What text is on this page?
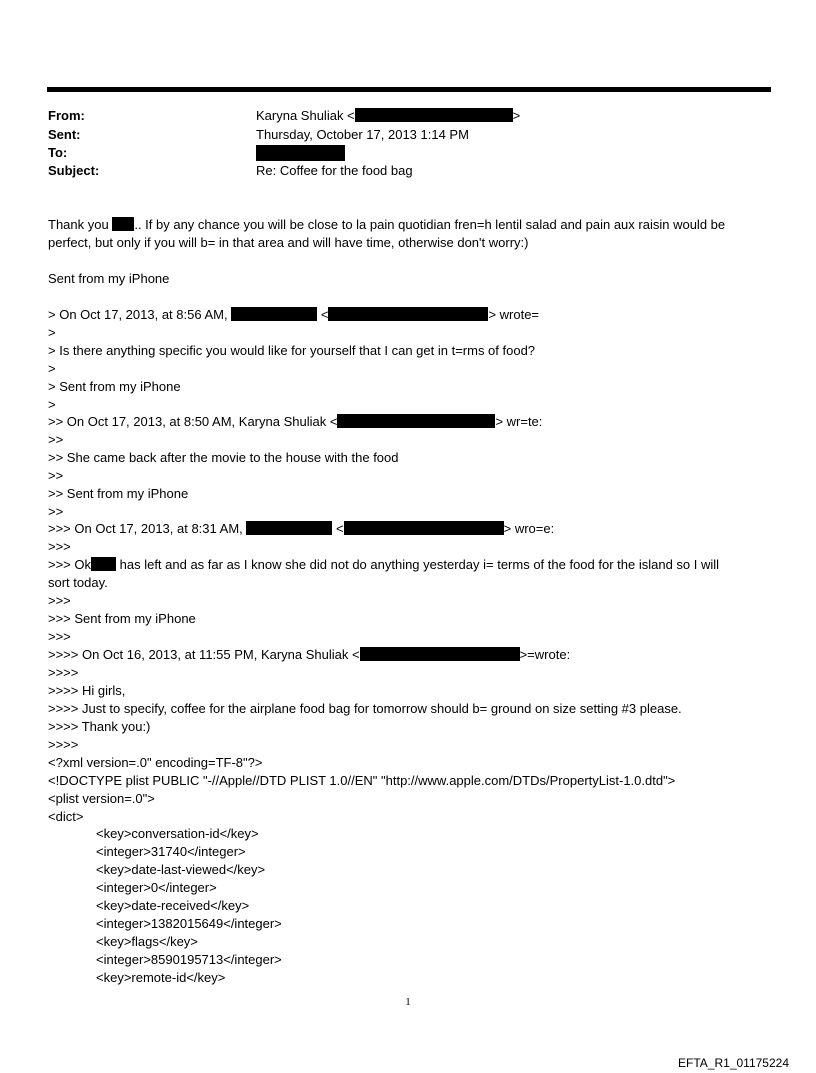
From:	Karyna Shuliak <	>
Sent:	Thursday, October 17, 2013 1:14 PM
To:
Subject:	Re: Coffee for the food bag
Thank you .. If by any chance you will be close to la pain quotidian fren=h lentil salad and pain aux raisin would be
perfect, but only if you will b= in that area and will have time, otherwise don't worry:)
Sent from my iPhone
> On Oct 17, 2013, at 8:56 AM,	<	> wrote=
>
> Is there anything specific you would like for yourself that I can get in t=rms of food?
>
> Sent from my iPhone
>
>> On Oct 17, 2013, at 8:50 AM, Karyna Shuliak <	> wr=te:
>>
>> She came back after the movie to the house with the food
>>
>> Sent from my iPhone
>>
>>> On Oct 17, 2013, at 8:31 AM,	<	> wro=e:
>>>
>>> Ok has left and as far as I know she did not do anything yesterday i= terms of the food for the island so I will
sort today.
>>>
>>> Sent from my iPhone
>>>
>>>> On Oct 16, 2013, at 11:55 PM, Karyna Shuliak <	>=wrote:
>>>>
>>>> Hi girls,
>>>> Just to specify, coffee for the airplane food bag for tomorrow should b= ground on size setting #3 please.
>>>> Thank you:)
>>>>
<?xml version=.0" encoding=TF-8"?>
<!DOCTYPE plist PUBLIC "-//Apple//DTD PLIST 1.0//EN" "http://www.apple.com/DTDs/PropertyList-1.0.dtd">
<plist version=.0">
<dict>
<key>conversation-id</key>
<integer>31740</integer>
<key>date-last-viewed</key>
<integer>0</integer>
<key>date-received</key>
<integer>1382015649</integer>
<key>flags</key>
<integer>8590195713</integer>
<key>remote-id</key>
1
EFTA_R1_01175224
